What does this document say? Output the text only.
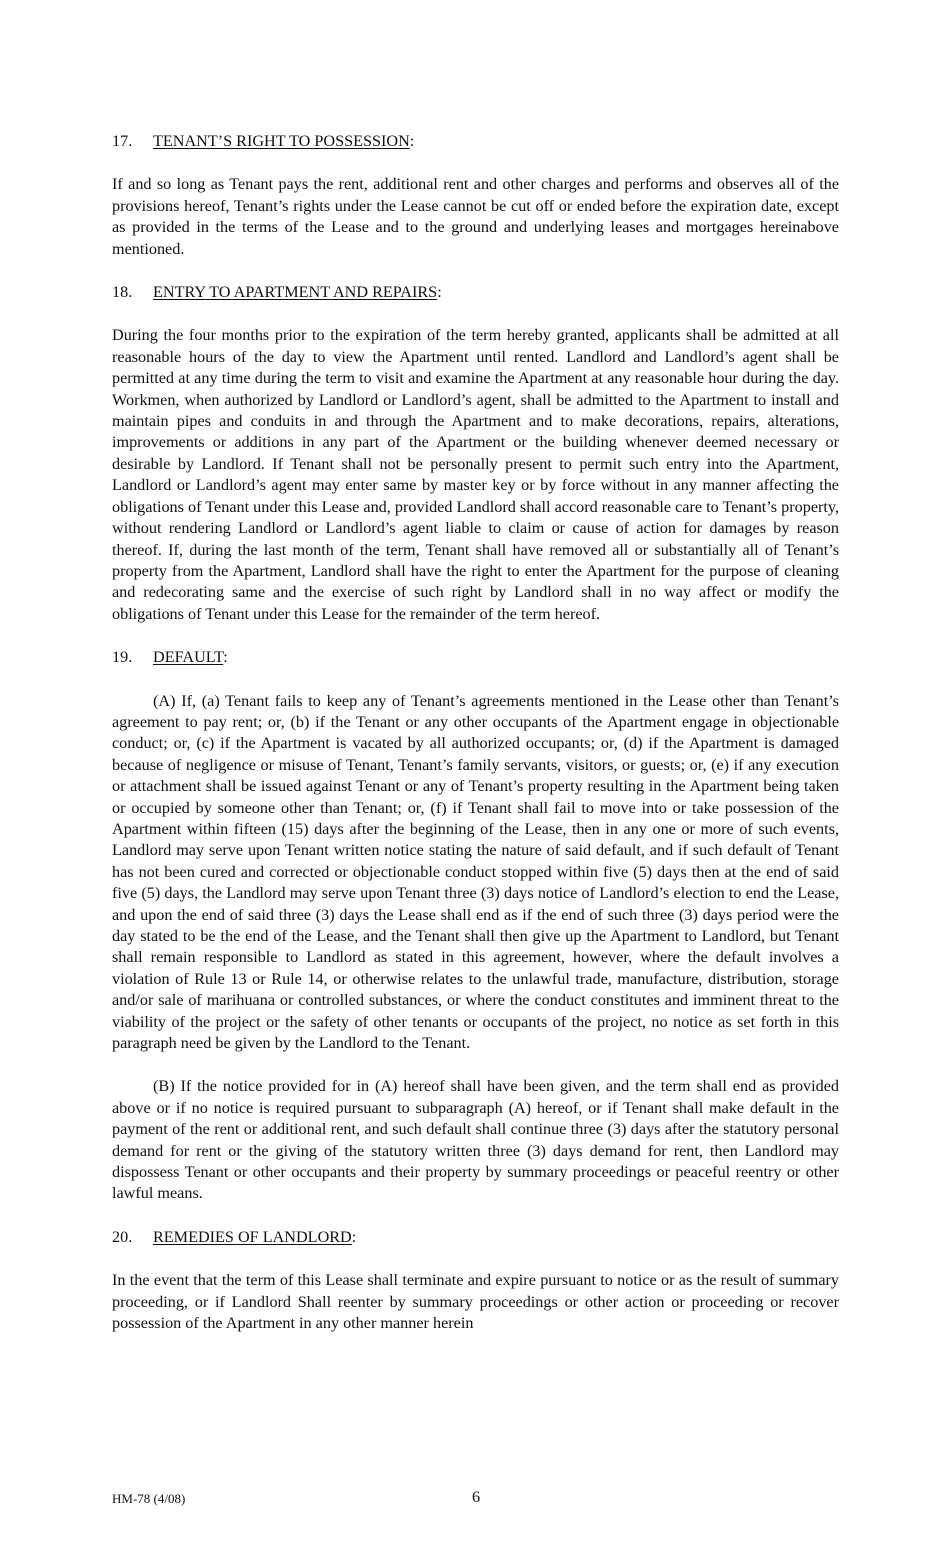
17. TENANT’S RIGHT TO POSSESSION:

If and so long as Tenant pays the rent, additional rent and other charges and performs and observes all of the provisions hereof, Tenant’s rights under the Lease cannot be cut off or ended before the expiration date, except as provided in the terms of the Lease and to the ground and underlying leases and mortgages hereinabove mentioned.

18. ENTRY TO APARTMENT AND REPAIRS:

During the four months prior to the expiration of the term hereby granted, applicants shall be admitted at all reasonable hours of the day to view the Apartment until rented. Landlord and Landlord’s agent shall be permitted at any time during the term to visit and examine the Apartment at any reasonable hour during the day. Workmen, when authorized by Landlord or Landlord’s agent, shall be admitted to the Apartment to install and maintain pipes and conduits in and through the Apartment and to make decorations, repairs, alterations, improvements or additions in any part of the Apartment or the building whenever deemed necessary or desirable by Landlord. If Tenant shall not be personally present to permit such entry into the Apartment, Landlord or Landlord’s agent may enter same by master key or by force without in any manner affecting the obligations of Tenant under this Lease and, provided Landlord shall accord reasonable care to Tenant’s property, without rendering Landlord or Landlord’s agent liable to claim or cause of action for damages by reason thereof. If, during the last month of the term, Tenant shall have removed all or substantially all of Tenant’s property from the Apartment, Landlord shall have the right to enter the Apartment for the purpose of cleaning and redecorating same and the exercise of such right by Landlord shall in no way affect or modify the obligations of Tenant under this Lease for the remainder of the term hereof.

19. DEFAULT:

(A) If, (a) Tenant fails to keep any of Tenant’s agreements mentioned in the Lease other than Tenant’s agreement to pay rent; or, (b) if the Tenant or any other occupants of the Apartment engage in objectionable conduct; or, (c) if the Apartment is vacated by all authorized occupants; or, (d) if the Apartment is damaged because of negligence or misuse of Tenant, Tenant’s family servants, visitors, or guests; or, (e) if any execution or attachment shall be issued against Tenant or any of Tenant’s property resulting in the Apartment being taken or occupied by someone other than Tenant; or, (f) if Tenant shall fail to move into or take possession of the Apartment within fifteen (15) days after the beginning of the Lease, then in any one or more of such events, Landlord may serve upon Tenant written notice stating the nature of said default, and if such default of Tenant has not been cured and corrected or objectionable conduct stopped within five (5) days then at the end of said five (5) days, the Landlord may serve upon Tenant three (3) days notice of Landlord’s election to end the Lease, and upon the end of said three (3) days the Lease shall end as if the end of such three (3) days period were the day stated to be the end of the Lease, and the Tenant shall then give up the Apartment to Landlord, but Tenant shall remain responsible to Landlord as stated in this agreement, however, where the default involves a violation of Rule 13 or Rule 14, or otherwise relates to the unlawful trade, manufacture, distribution, storage and/or sale of marihuana or controlled substances, or where the conduct constitutes and imminent threat to the viability of the project or the safety of other tenants or occupants of the project, no notice as set forth in this paragraph need be given by the Landlord to the Tenant.

(B) If the notice provided for in (A) hereof shall have been given, and the term shall end as provided above or if no notice is required pursuant to subparagraph (A) hereof, or if Tenant shall make default in the payment of the rent or additional rent, and such default shall continue three (3) days after the statutory personal demand for rent or the giving of the statutory written three (3) days demand for rent, then Landlord may dispossess Tenant or other occupants and their property by summary proceedings or peaceful reentry or other lawful means.

20. REMEDIES OF LANDLORD:

In the event that the term of this Lease shall terminate and expire pursuant to notice or as the result of summary proceeding, or if Landlord Shall reenter by summary proceedings or other action or proceeding or recover possession of the Apartment in any other manner herein

HM-78 (4/08)	6
